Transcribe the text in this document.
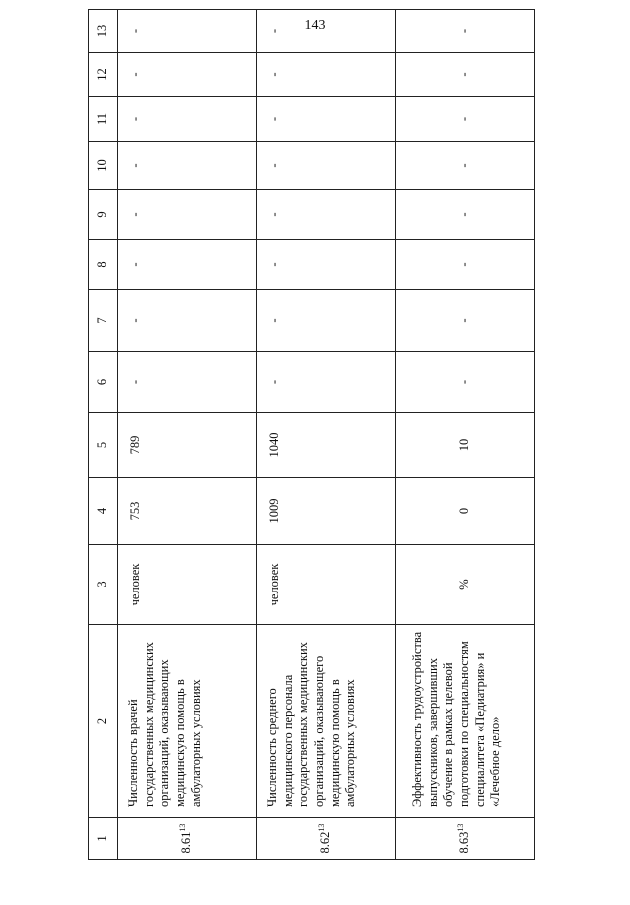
143
1	2	3	4	5	6	7	8	9	10	11	12	13
8.61$^{13}$	Численность врачей государственных медицинских организаций, оказывающих медицинскую помощь в амбулаторных условиях	человек	753	789	-	-	-	-	-	-	-	-
8.62$^{13}$	Численность среднего медицинского персонала государственных медицинских организаций, оказывающего медицинскую помощь в амбулаторных условиях	человек	1009	1040	-	-	-	-	-	-	-	-
8.63$^{13}$	Эффективность трудоустройства выпускников, завершивших обучение в рамках целевой подготовки по специальностям специалитета «Педиатрия» и «Лечебное дело»	%	0	10	-	-	-	-	-	-	-	-
